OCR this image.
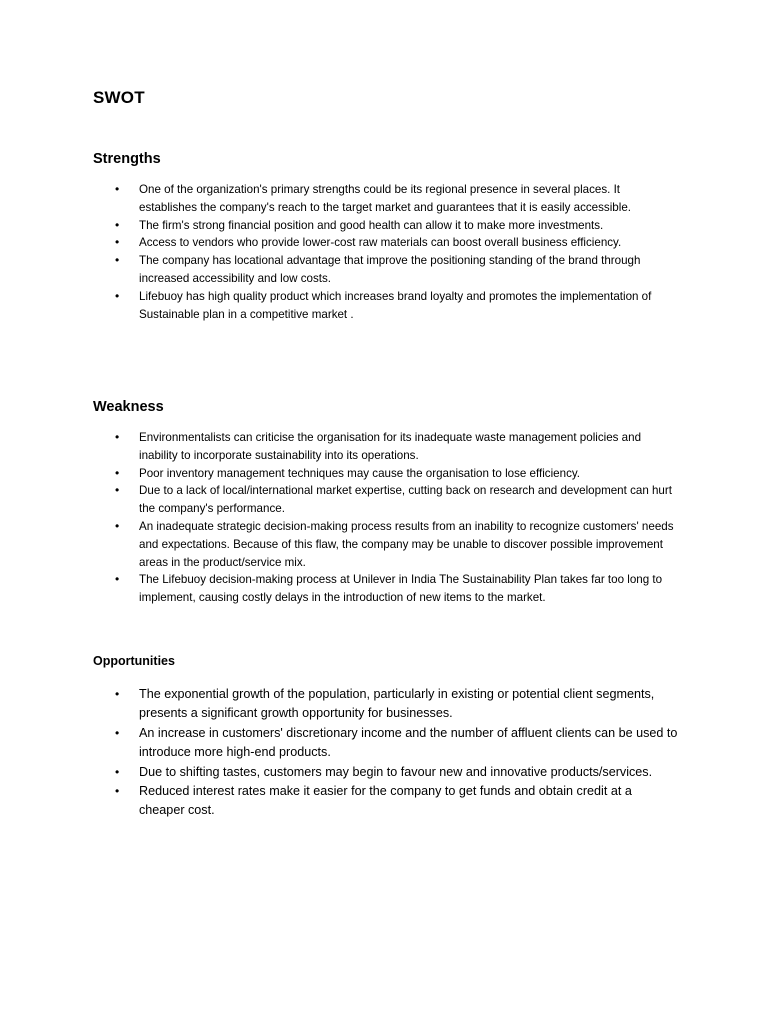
SWOT
Strengths
• One of the organization's primary strengths could be its regional presence in several places. It establishes the company's reach to the target market and guarantees that it is easily accessible.
• The firm's strong financial position and good health can allow it to make more investments.
• Access to vendors who provide lower-cost raw materials can boost overall business efficiency.
• The company has locational advantage that improve the positioning standing of the brand through increased accessibility and low costs.
• Lifebuoy has high quality product which increases brand loyalty and promotes the implementation of Sustainable plan in a competitive market .
Weakness
• Environmentalists can criticise the organisation for its inadequate waste management policies and inability to incorporate sustainability into its operations.
• Poor inventory management techniques may cause the organisation to lose efficiency.
• Due to a lack of local/international market expertise, cutting back on research and development can hurt the company's performance.
• An inadequate strategic decision-making process results from an inability to recognize customers' needs and expectations. Because of this flaw, the company may be unable to discover possible improvement areas in the product/service mix.
• The Lifebuoy decision-making process at Unilever in India The Sustainability Plan takes far too long to implement, causing costly delays in the introduction of new items to the market.
Opportunities
• The exponential growth of the population, particularly in existing or potential client segments, presents a significant growth opportunity for businesses.
• An increase in customers' discretionary income and the number of affluent clients can be used to introduce more high-end products.
• Due to shifting tastes, customers may begin to favour new and innovative products/services.
• Reduced interest rates make it easier for the company to get funds and obtain credit at a cheaper cost.
